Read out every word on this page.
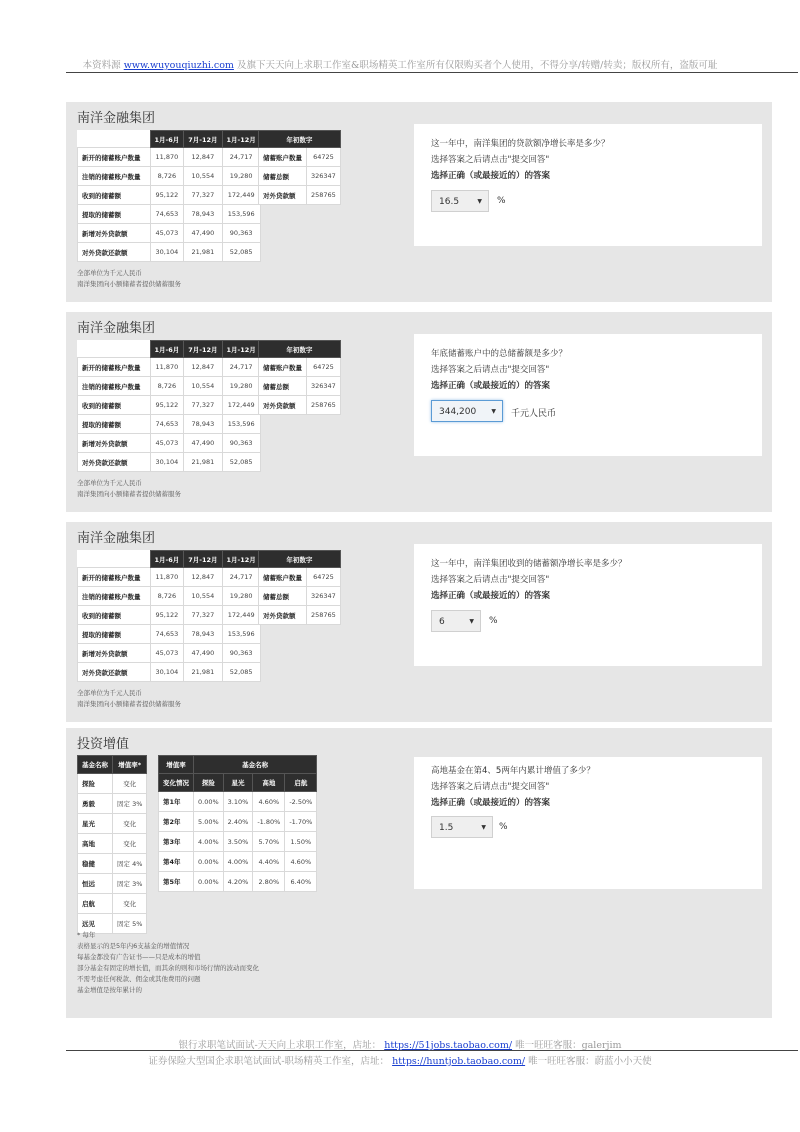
本资料源 www.wuyouqiuzhi.com 及旗下天天向上求职工作室&职场精英工作室所有仅限购买者个人使用，不得分享/转赠/转卖；版权所有，盗版可耻
南洋金融集团
	1月-6月	7月-12月	1月-12月
新开的储蓄账户数量	11,870	12,847	24,717
注销的储蓄账户数量	8,726	10,554	19,280
收到的储蓄额	95,122	77,327	172,449
提取的储蓄额	74,653	78,943	153,596
新增对外贷款额	45,073	47,490	90,363
对外贷款还款额	30,104	21,981	52,085
年初数字	
储蓄账户数量	64725
储蓄总额	326347
对外贷款额	258765
全部单位为千元人民币
南洋集团向小额储蓄者提供储蓄服务
这一年中，南洋集团的贷款额净增长率是多少？
选择答案之后请点击"提交回答"
选择正确（或最接近的）的答案
16.5	▼ %
南洋金融集团
	1月-6月	7月-12月	1月-12月
新开的储蓄账户数量	11,870	12,847	24,717
注销的储蓄账户数量	8,726	10,554	19,280
收到的储蓄额	95,122	77,327	172,449
提取的储蓄额	74,653	78,943	153,596
新增对外贷款额	45,073	47,490	90,363
对外贷款还款额	30,104	21,981	52,085
年初数字	
储蓄账户数量	64725
储蓄总额	326347
对外贷款额	258765
全部单位为千元人民币
南洋集团向小额储蓄者提供储蓄服务
年底储蓄账户中的总储蓄额是多少？
选择答案之后请点击"提交回答"
选择正确（或最接近的）的答案
344,200	▼ 千元人民币
南洋金融集团
	1月-6月	7月-12月	1月-12月
新开的储蓄账户数量	11,870	12,847	24,717
注销的储蓄账户数量	8,726	10,554	19,280
收到的储蓄额	95,122	77,327	172,449
提取的储蓄额	74,653	78,943	153,596
新增对外贷款额	45,073	47,490	90,363
对外贷款还款额	30,104	21,981	52,085
年初数字	
储蓄账户数量	64725
储蓄总额	326347
对外贷款额	258765
全部单位为千元人民币
南洋集团向小额储蓄者提供储蓄服务
这一年中，南洋集团收到的储蓄额净增长率是多少？
选择答案之后请点击"提交回答"
选择正确（或最接近的）的答案
6	▼ %
投资增值
基金名称	增值率*
探险	变化
勇毅	固定 3%
星光	变化
高地	变化
稳健	固定 4%
恒远	固定 3%
启航	变化
远见	固定 5%
增值率	基金名称			
变化情况	探险	星光	高地	启航
第1年	0.00%	3.10%	4.60%	-2.50%
第2年	5.00%	2.40%	-1.80%	-1.70%
第3年	4.00%	3.50%	5.70%	1.50%
第4年	0.00%	4.00%	4.40%	4.60%
第5年	0.00%	4.20%	2.80%	6.40%
* 每年
表格显示的是5年内6支基金的增值情况
每基金都没有广告证书——只是成本的增值
部分基金有固定的增长值，而其余的则和市场行情的波动而变化
不需考虑任何税款、佣金或其他费用的问题
基金增值是按年累计的
高地基金在第4、5两年内累计增值了多少？
选择答案之后请点击"提交回答"
选择正确（或最接近的）的答案
1.5	▼ %
银行求职笔试面试-天天向上求职工作室，店址： https://51jobs.taobao.com/ 唯一旺旺客服：galerjim
证券保险大型国企求职笔试面试-职场精英工作室，店址： https://huntjob.taobao.com/ 唯一旺旺客服：蔚蓝小小天使
